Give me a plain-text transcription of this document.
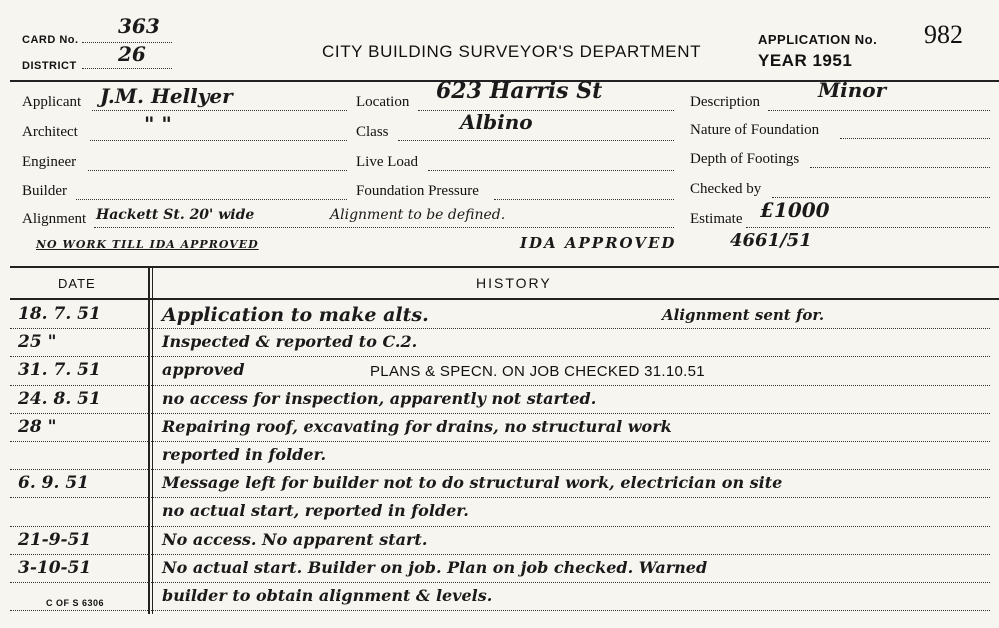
CARD No.
363
DISTRICT 26	CITY BUILDING SURVEYOR'S DEPARTMENT
APPLICATION No. 982
YEAR 1951
Applicant J.M. Hellyer
Architect	" "
Engineer
Builder
Alignment Hackett St. 20' wide	Alignment to be defined.
Location 623 Harris St
Class	Albino
Live Load
Foundation Pressure
Description	Minor
Nature of Foundation
Depth of Footings
Checked by
Estimate £1000
NO WORK TILL IDA APPROVED	IDA APPROVED	4661/51
DATE	HISTORY
18. 7. 51	Application to make alts.	Alignment sent for.
25 "	Inspected & reported to C.2.
31. 7. 51	approved	PLANS & SPECN. ON JOB CHECKED 31.10.51
24. 8. 51	no access for inspection, apparently not started.
28 "	Repairing roof, excavating for drains, no structural work
reported in folder.
6. 9. 51	Message left for builder not to do structural work, electrician on site
no actual start, reported in folder.
21-9-51	No access. No apparent start.
3-10-51	No actual start. Builder on job. Plan on job checked. Warned
builder to obtain alignment & levels.
C OF S 6306
